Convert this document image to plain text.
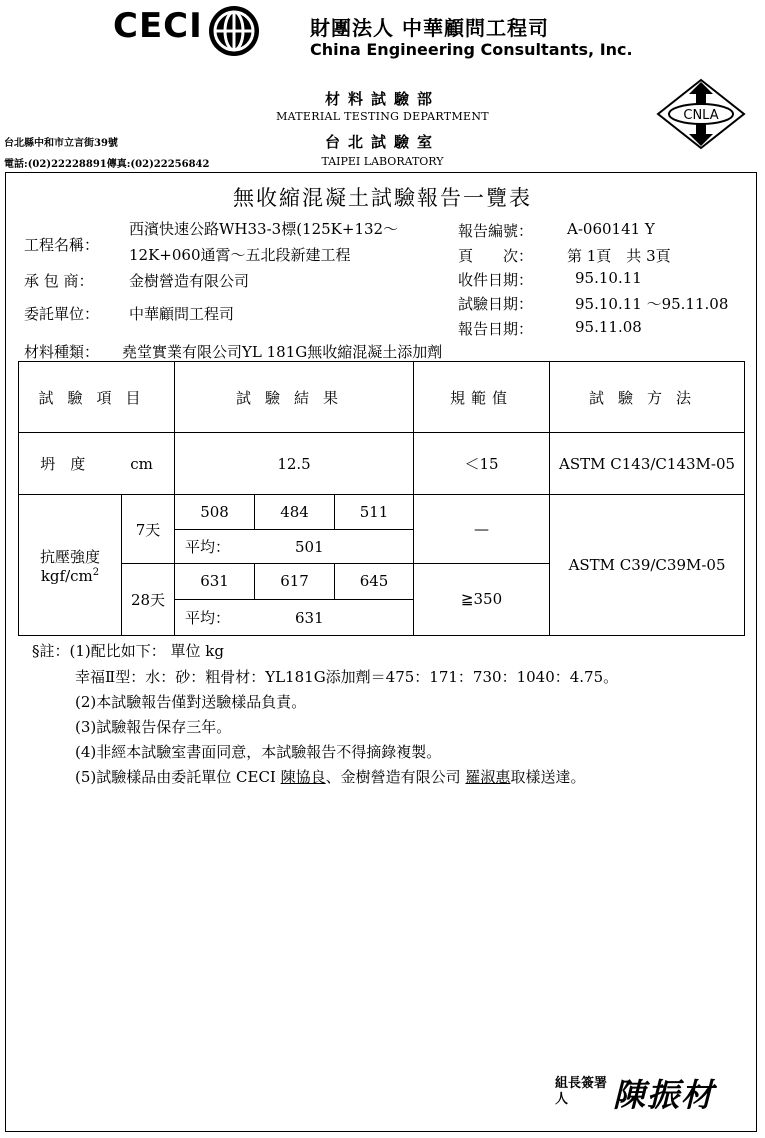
CECI	財團法人 中華顧問工程司
China Engineering Consultants, Inc.
材料試驗部
MATERIAL TESTING DEPARTMENT
台北試驗室
TAIPEI LABORATORY
台北縣中和市立言街39號
電話:(02)22228891傳真:(02)22256842
CNLA
無收縮混凝土試驗報告一覽表
工程名稱：
西濱快速公路WH33-3標(125K+132～
12K+060通霄～五北段新建工程
承 包 商： 金樹營造有限公司
委託單位： 中華顧問工程司
報告編號： A-060141 Y
頁　　次： 第 1頁　共 3頁
收件日期：	95.10.11
試驗日期：	95.10.11 ～95.11.08
報告日期：	95.11.08
材料種類： 堯堂實業有限公司YL 181G無收縮混凝土添加劑
試驗項目		試驗結果			規範值	試驗方法
坍　度 cm		12.5			＜15	ASTM C143/C143M-05

抗壓強度
kgf/$cm^2$	7天	508	484	511	—	ASTM C39/C39M-05
		平均： 501				
	28天	631	617	645	≧350	
		平均： 631				
§註：(1)配比如下： 單位 kg
幸福Ⅱ型：水：砂：粗骨材：YL181G添加劑＝475：171：730：1040：4.75。
(2)本試驗報告僅對送驗樣品負責。
(3)試驗報告保存三年。
(4)非經本試驗室書面同意，本試驗報告不得摘錄複製。
(5)試驗樣品由委託單位 CECI 陳協良、金樹營造有限公司 羅淑惠取樣送達。
組長簽署人	陳振材
